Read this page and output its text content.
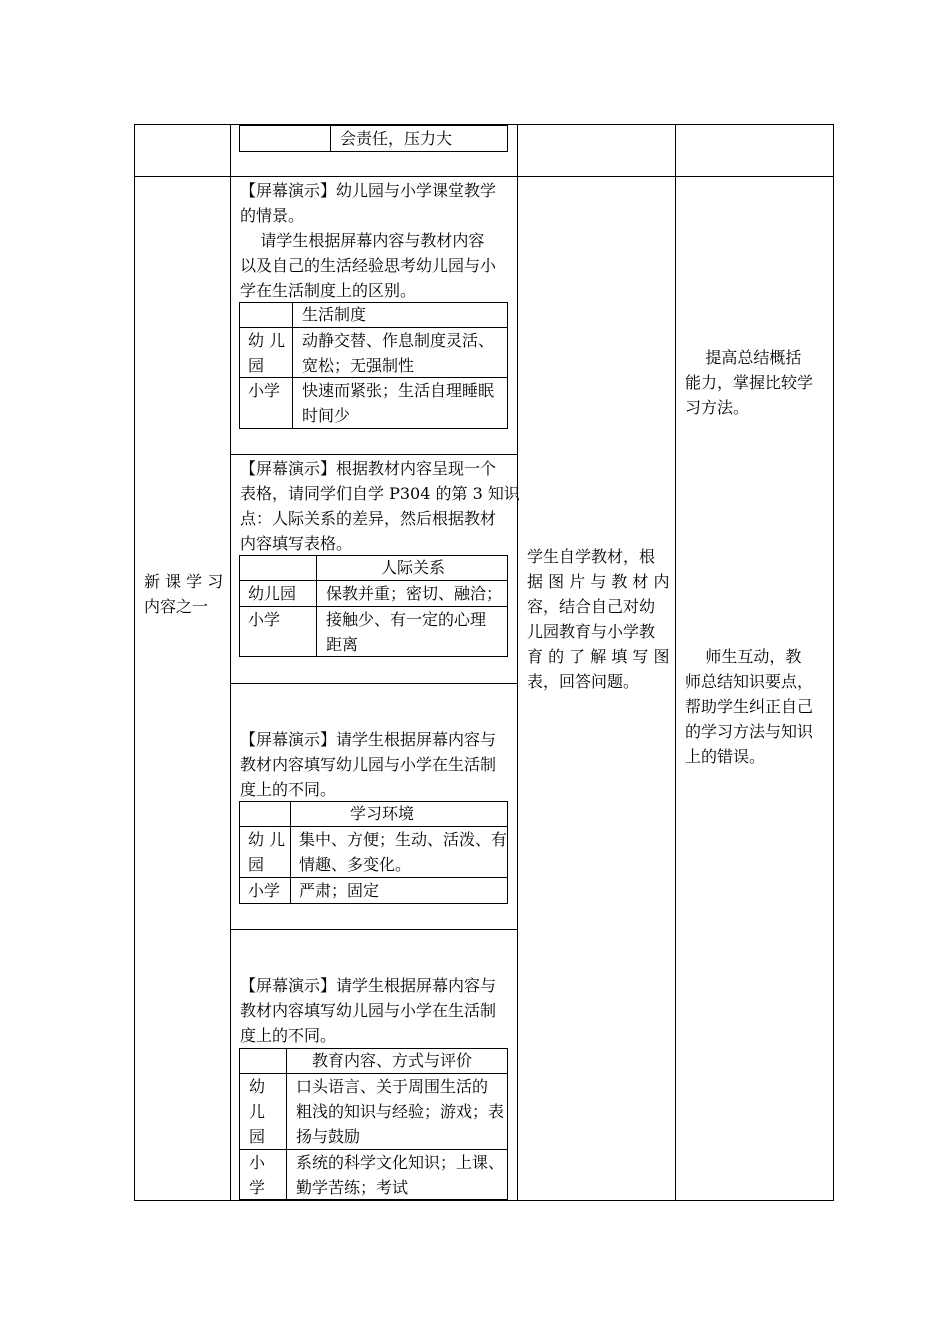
会责任，压力大
新 课 学 习
内容之一
【屏幕演示】幼儿园与小学课堂教学
的情景。
请学生根据屏幕内容与教材内容
以及自己的生活经验思考幼儿园与小
学在生活制度上的区别。
生活制度
幼 儿
园
动静交替、作息制度灵活、
宽松；无强制性
小学 快速而紧张；生活自理睡眠
时间少
【屏幕演示】根据教材内容呈现一个
表格，请同学们自学 P304 的第 3 知识
点：人际关系的差异，然后根据教材
内容填写表格。
人际关系
幼儿园 保教并重；密切、融洽；
小学	接触少、有一定的心理
距离
【屏幕演示】请学生根据屏幕内容与
教材内容填写幼儿园与小学在生活制
度上的不同。
学习环境
幼 儿
园
集中、方便；生动、活泼、有
情趣、多变化。
小学 严肃；固定
【屏幕演示】请学生根据屏幕内容与
教材内容填写幼儿园与小学在生活制
度上的不同。
教育内容、方式与评价
幼
儿
园
口头语言、关于周围生活的
粗浅的知识与经验；游戏；表
扬与鼓励
小
学
系统的科学文化知识；上课、
勤学苦练；考试
学生自学教材，根
据 图 片 与 教 材 内
容，结合自己对幼
儿园教育与小学教
育 的 了 解 填 写 图
表，回答问题。
提高总结概括
能力，掌握比较学
习方法。
师生互动，教
师总结知识要点，
帮助学生纠正自己
的学习方法与知识
上的错误。
